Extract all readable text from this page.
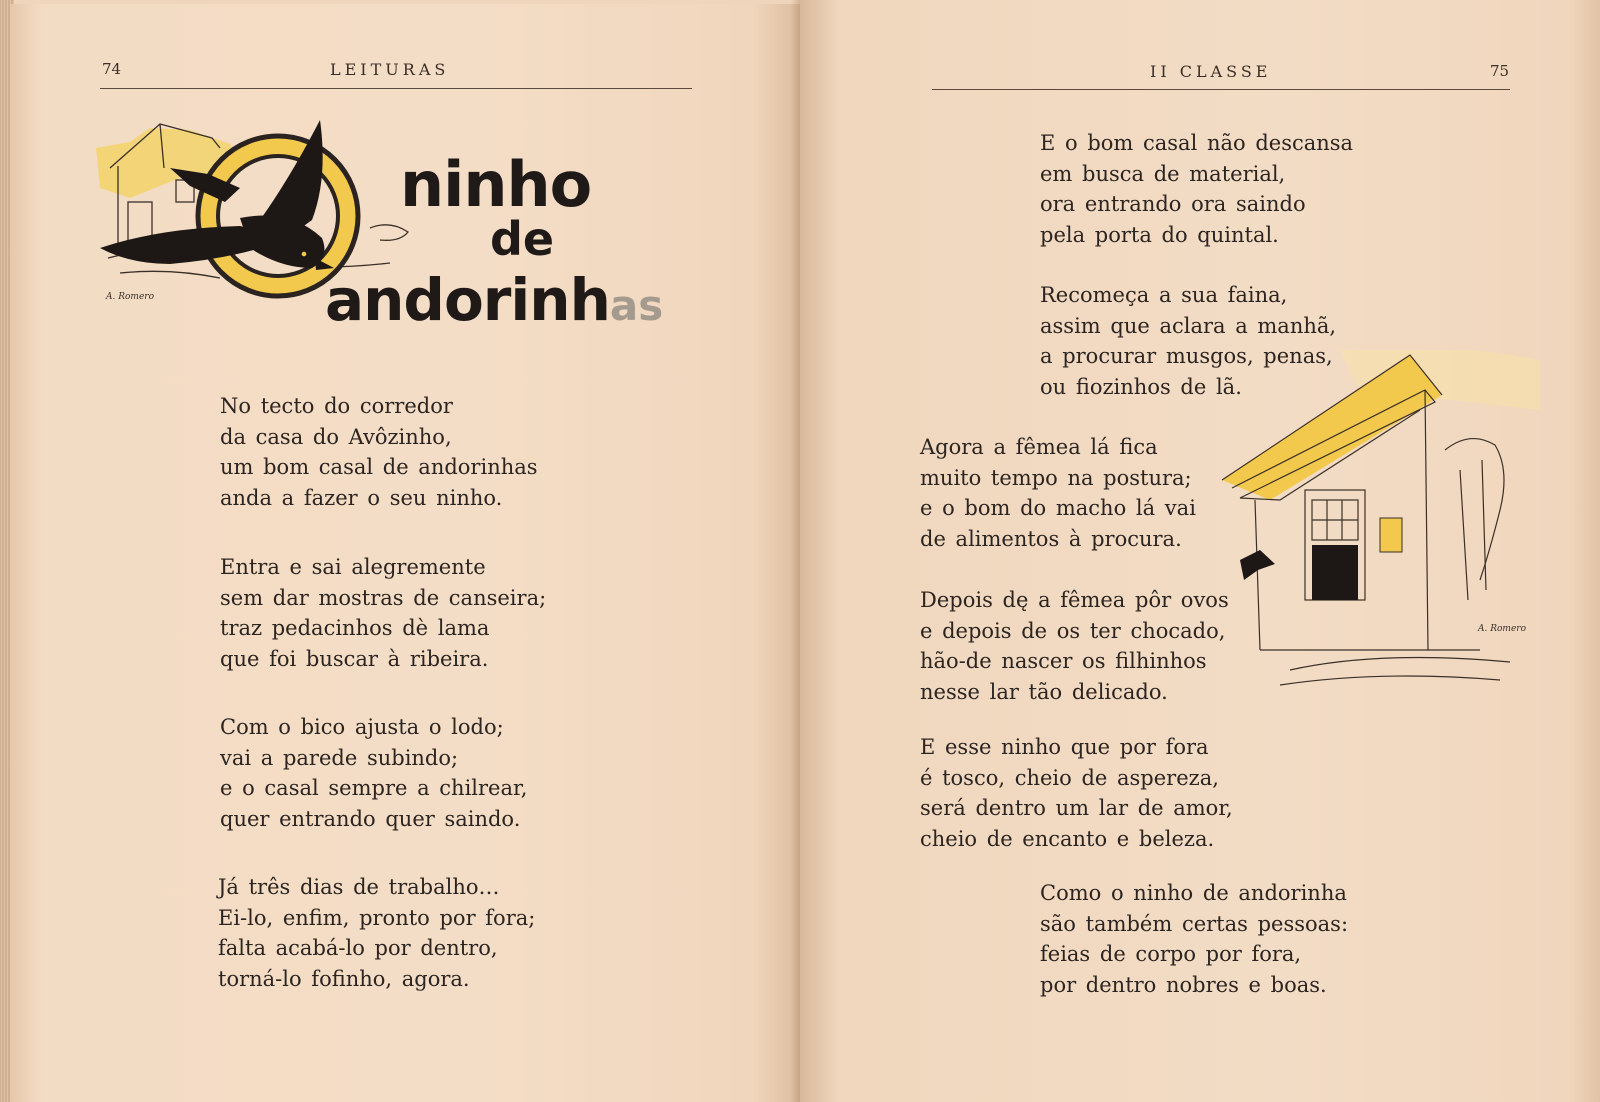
74	LEITURAS
A. Romero
ninho
de
andorinhas
No tecto do corredor
da casa do Avôzinho,
um bom casal de andorinhas
anda a fazer o seu ninho.
Entra e sai alegremente
sem dar mostras de canseira;
traz pedacinhos dè lama
que foi buscar à ribeira.
Com o bico ajusta o lodo;
vai a parede subindo;
e o casal sempre a chilrear,
quer entrando quer saindo.
Já três dias de trabalho…
Ei-lo, enfim, pronto por fora;
falta acabá-lo por dentro,
torná-lo fofinho, agora.
II CLASSE	75
A. Romero
E o bom casal não descansa
em busca de material,
ora entrando ora saindo
pela porta do quintal.
Recomeça a sua faina,
assim que aclara a manhã,
a procurar musgos, penas,
ou fiozinhos de lã.
Agora a fêmea lá fica
muito tempo na postura;
e o bom do macho lá vai
de alimentos à procura.
Depois dę a fêmea pôr ovos
e depois de os ter chocado,
hão-de nascer os filhinhos
nesse lar tão delicado.
E esse ninho que por fora
é tosco, cheio de aspereza,
será dentro um lar de amor,
cheio de encanto e beleza.
Como o ninho de andorinha
são também certas pessoas:
feias de corpo por fora,
por dentro nobres e boas.
